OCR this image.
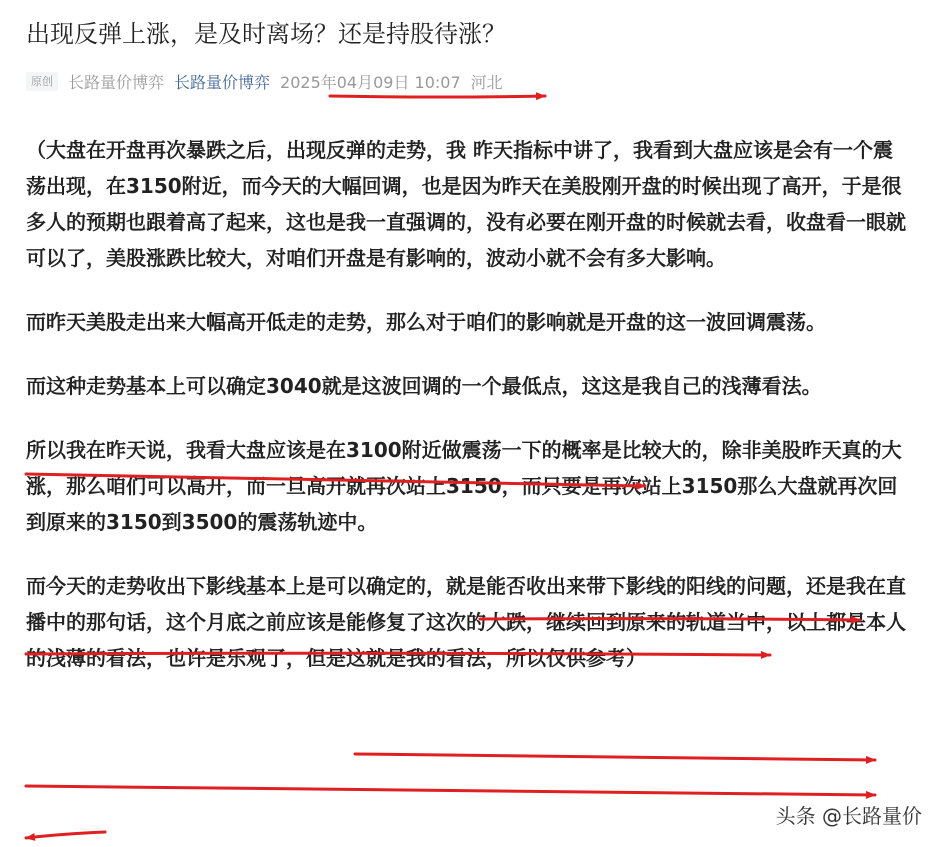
出现反弹上涨，是及时离场？还是持股待涨？
原创 长路量价博弈 长路量价博弈 2025年04月09日 10:07 河北

（大盘在开盘再次暴跌之后，出现反弹的走势，我 昨天指标中讲了，我看到大盘应该是会有一个震荡出现，在3150附近，而今天的大幅回调，也是因为昨天在美股刚开盘的时候出现了高开，于是很多人的预期也跟着高了起来，这也是我一直强调的，没有必要在刚开盘的时候就去看，收盘看一眼就可以了，美股涨跌比较大，对咱们开盘是有影响的，波动小就不会有多大影响。

而昨天美股走出来大幅高开低走的走势，那么对于咱们的影响就是开盘的这一波回调震荡。

而这种走势基本上可以确定3040就是这波回调的一个最低点，这这是我自己的浅薄看法。

所以我在昨天说，我看大盘应该是在3100附近做震荡一下的概率是比较大的，除非美股昨天真的大涨，那么咱们可以高开，而一旦高开就再次站上3150，而只要是再次站上3150那么大盘就再次回到原来的3150到3500的震荡轨迹中。

而今天的走势收出下影线基本上是可以确定的，就是能否收出来带下影线的阳线的问题，还是我在直播中的那句话，这个月底之前应该是能修复了这次的大跌，继续回到原来的轨道当中，以上都是本人的浅薄的看法，也许是乐观了，但是这就是我的看法，所以仅供参考）

头条 @长路量价
